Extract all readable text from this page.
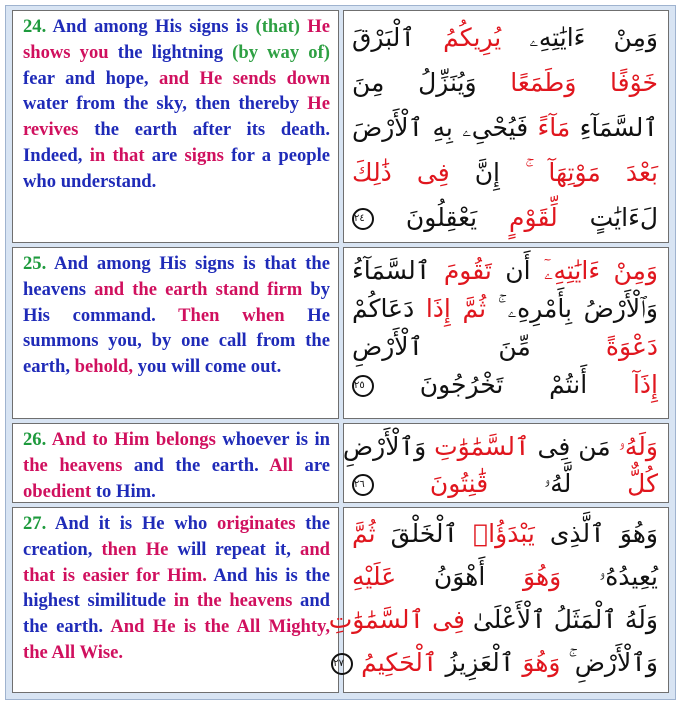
24. And among His signs is (that) He shows you the lightning (by way of) fear and hope, and He sends down water from the sky, then thereby He revives the earth after its death. Indeed, in that are signs for a people who understand.
وَمِنْ ءَايَٰتِهِۦ يُرِيكُمُ ٱلْبَرْقَ
خَوْفًا وَطَمَعًا وَيُنَزِّلُ مِنَ
ٱلسَّمَآءِ مَآءً فَيُحْىِۦ بِهِ ٱلْأَرْضَ
بَعْدَ مَوْتِهَآ ۚ إِنَّ فِى ذَٰلِكَ
لَءَايَٰتٍ لِّقَوْمٍ يَعْقِلُونَ ٢٤
25. And among His signs is that the heavens and the earth stand firm by His command. Then when He summons you, by one call from the earth, behold, you will come out.
وَمِنْ ءَايَٰتِهِۦٓ أَن تَقُومَ ٱلسَّمَآءُ
وَٱلْأَرْضُ بِأَمْرِهِۦ ۚ ثُمَّ إِذَا دَعَاكُمْ
دَعْوَةً مِّنَ ٱلْأَرْضِ
إِذَآ أَنتُمْ تَخْرُجُونَ ٢٥
26. And to Him belongs whoever is in the heavens and the earth. All are obedient to Him.
وَلَهُۥ مَن فِى ٱلسَّمَٰوَٰتِ وَٱلْأَرْضِ
كُلٌّ لَّهُۥ قَٰنِتُونَ ٢٦
27. And it is He who originates the creation, then He will repeat it, and that is easier for Him. And his is the highest similitude in the heavens and the earth. And He is the All Mighty, the All Wise.
وَهُوَ ٱلَّذِى يَبْدَؤُا۟ ٱلْخَلْقَ ثُمَّ
يُعِيدُهُۥ وَهُوَ أَهْوَنُ عَلَيْهِ
وَلَهُ ٱلْمَثَلُ ٱلْأَعْلَىٰ فِى ٱلسَّمَٰوَٰتِ
وَٱلْأَرْضِ ۚ وَهُوَ ٱلْعَزِيزُ ٱلْحَكِيمُ ٢٧
